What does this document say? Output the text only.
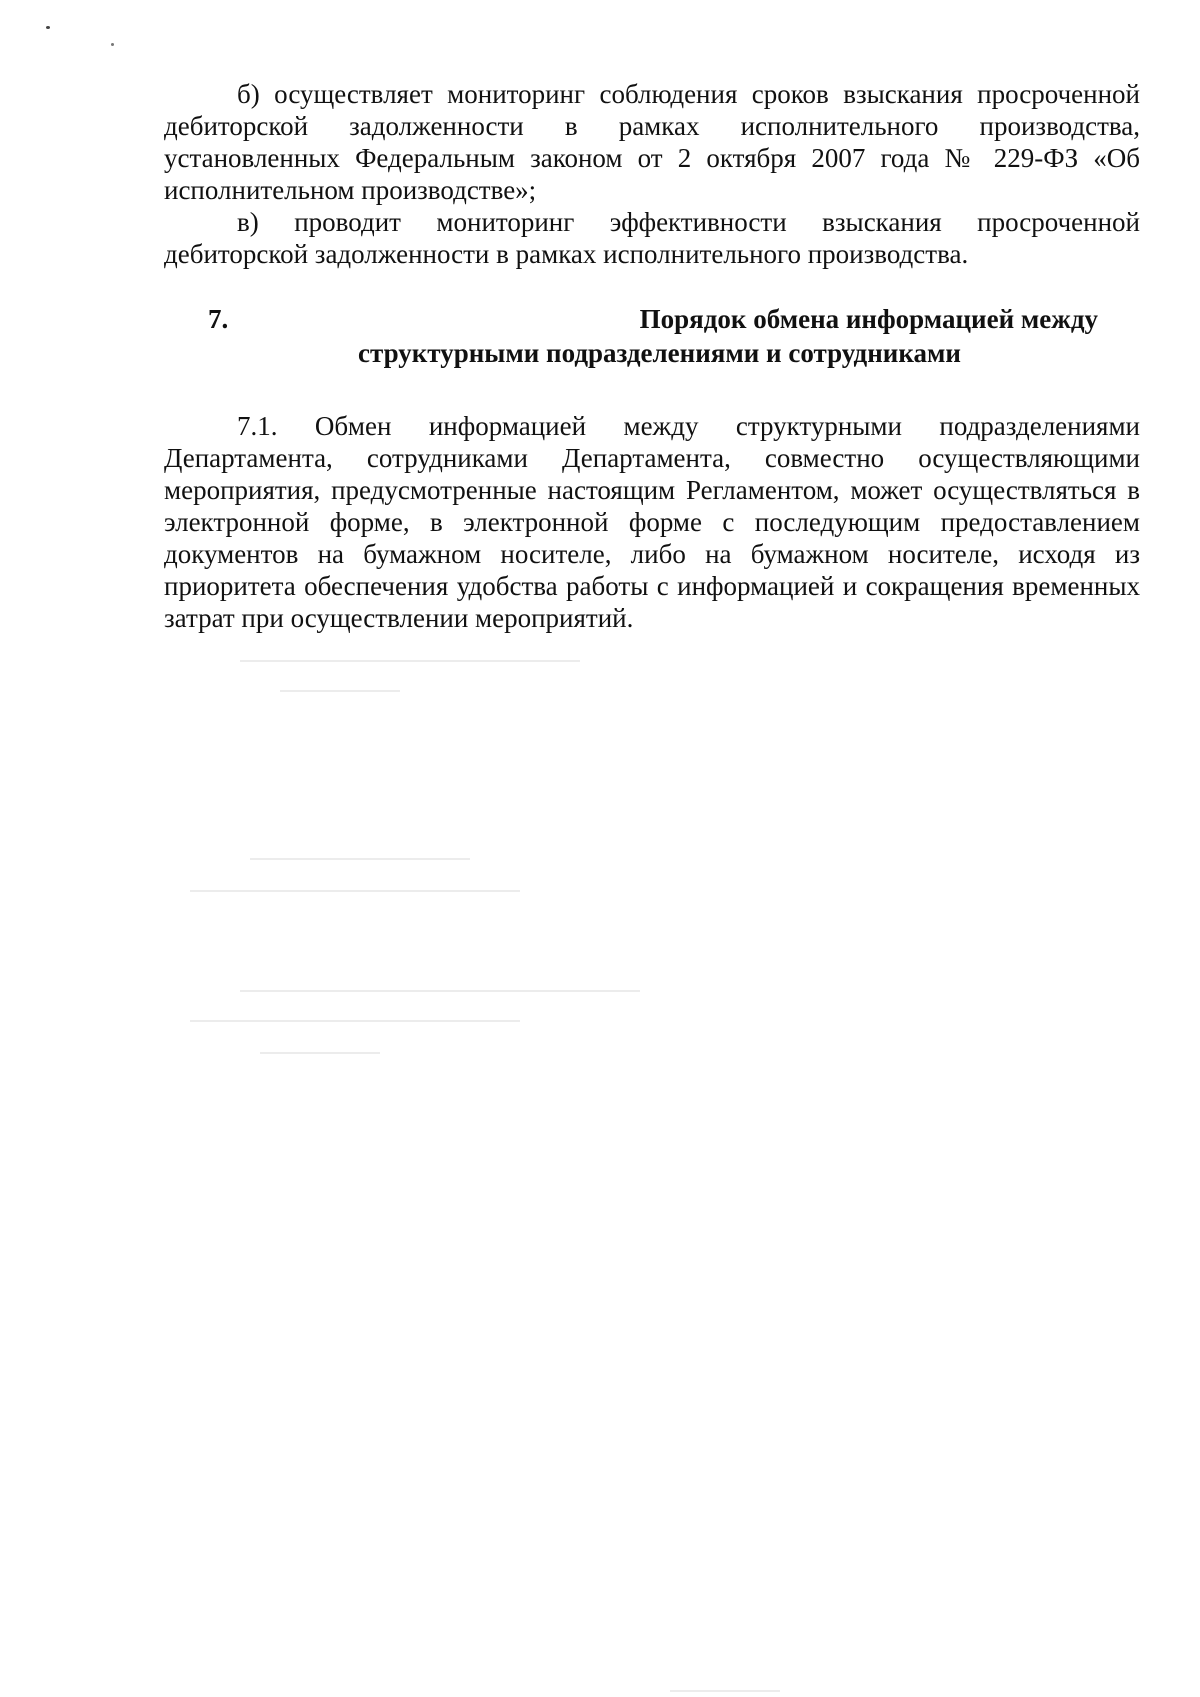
б) осуществляет мониторинг соблюдения сроков взыскания просроченной дебиторской задолженности в рамках исполнительного производства, установленных Федеральным законом от 2 октября 2007 года № 229-ФЗ «Об исполнительном производстве»;

в) проводит мониторинг эффективности взыскания просроченной дебиторской задолженности в рамках исполнительного производства.

7.	Порядок обмена информацией между
структурными подразделениями и сотрудниками

7.1. Обмен информацией между структурными подразделениями Департамента, сотрудниками Департамента, совместно осуществляющими мероприятия, предусмотренные настоящим Регламентом, может осуществляться в электронной форме, в электронной форме с последующим предоставлением документов на бумажном носителе, либо на бумажном носителе, исходя из приоритета обеспечения удобства работы с информацией и сокращения временных затрат при осуществлении мероприятий.
